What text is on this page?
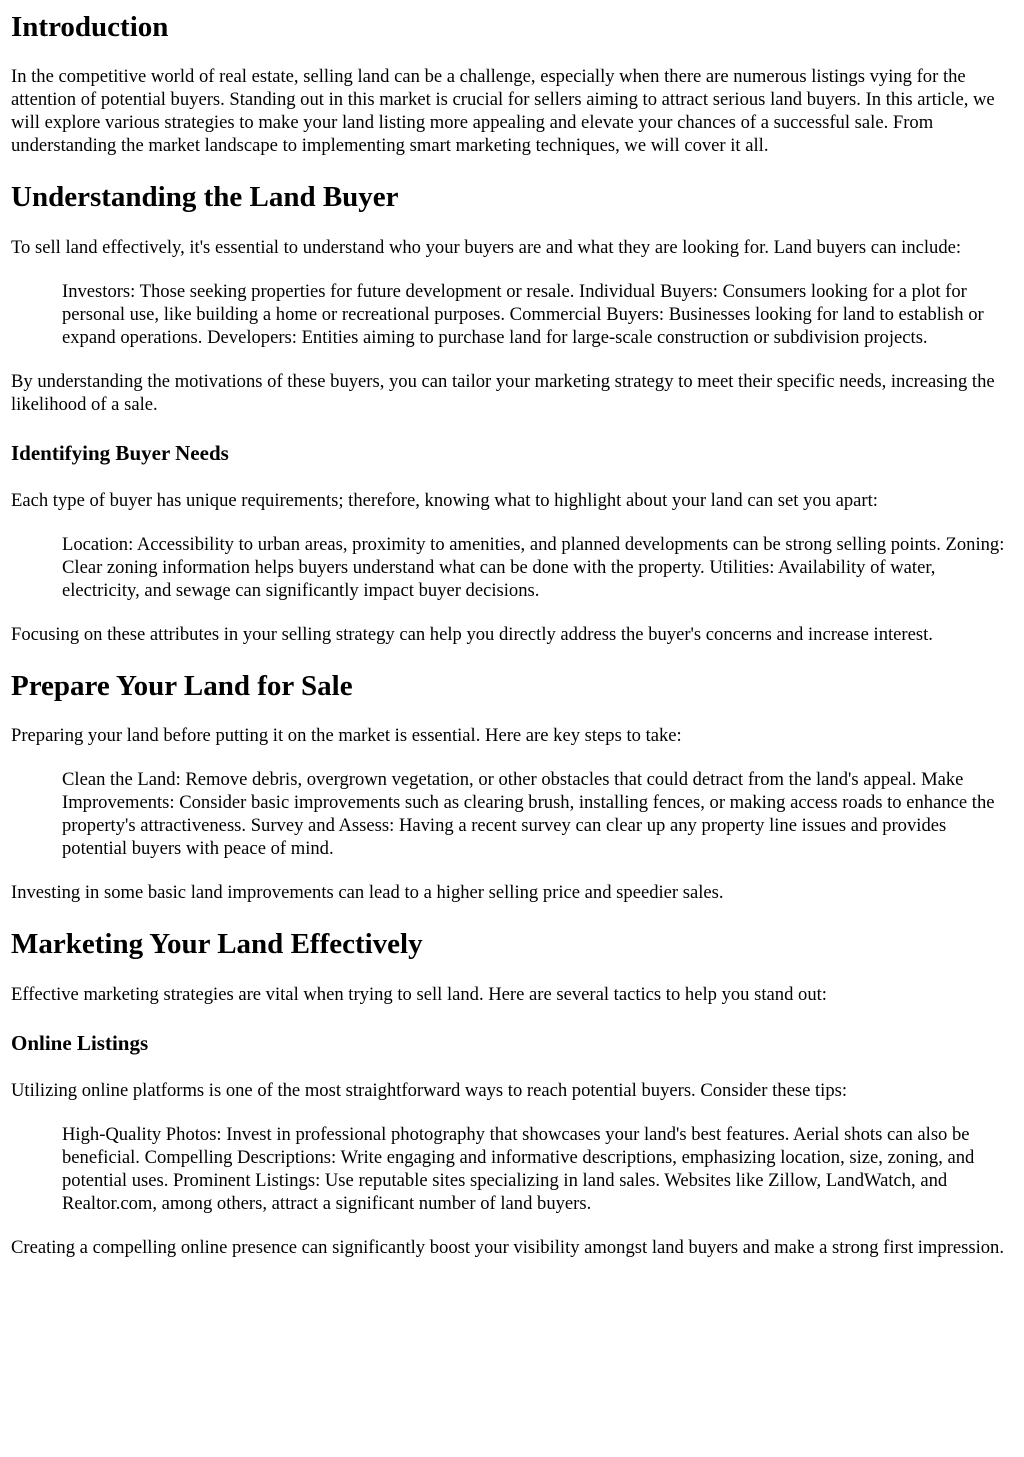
Introduction

In the competitive world of real estate, selling land can be a challenge, especially when there are numerous listings vying for the attention of potential buyers. Standing out in this market is crucial for sellers aiming to attract serious land buyers. In this article, we will explore various strategies to make your land listing more appealing and elevate your chances of a successful sale. From understanding the market landscape to implementing smart marketing techniques, we will cover it all.

Understanding the Land Buyer

To sell land effectively, it's essential to understand who your buyers are and what they are looking for. Land buyers can include:

Investors: Those seeking properties for future development or resale. Individual Buyers: Consumers looking for a plot for personal use, like building a home or recreational purposes. Commercial Buyers: Businesses looking for land to establish or expand operations. Developers: Entities aiming to purchase land for large-scale construction or subdivision projects.

By understanding the motivations of these buyers, you can tailor your marketing strategy to meet their specific needs, increasing the likelihood of a sale.

Identifying Buyer Needs

Each type of buyer has unique requirements; therefore, knowing what to highlight about your land can set you apart:

Location: Accessibility to urban areas, proximity to amenities, and planned developments can be strong selling points. Zoning: Clear zoning information helps buyers understand what can be done with the property. Utilities: Availability of water, electricity, and sewage can significantly impact buyer decisions.

Focusing on these attributes in your selling strategy can help you directly address the buyer's concerns and increase interest.

Prepare Your Land for Sale

Preparing your land before putting it on the market is essential. Here are key steps to take:

Clean the Land: Remove debris, overgrown vegetation, or other obstacles that could detract from the land's appeal. Make Improvements: Consider basic improvements such as clearing brush, installing fences, or making access roads to enhance the property's attractiveness. Survey and Assess: Having a recent survey can clear up any property line issues and provides potential buyers with peace of mind.

Investing in some basic land improvements can lead to a higher selling price and speedier sales.

Marketing Your Land Effectively

Effective marketing strategies are vital when trying to sell land. Here are several tactics to help you stand out:

Online Listings

Utilizing online platforms is one of the most straightforward ways to reach potential buyers. Consider these tips:

High-Quality Photos: Invest in professional photography that showcases your land's best features. Aerial shots can also be beneficial. Compelling Descriptions: Write engaging and informative descriptions, emphasizing location, size, zoning, and potential uses. Prominent Listings: Use reputable sites specializing in land sales. Websites like Zillow, LandWatch, and Realtor.com, among others, attract a significant number of land buyers.

Creating a compelling online presence can significantly boost your visibility amongst land buyers and make a strong first impression.
